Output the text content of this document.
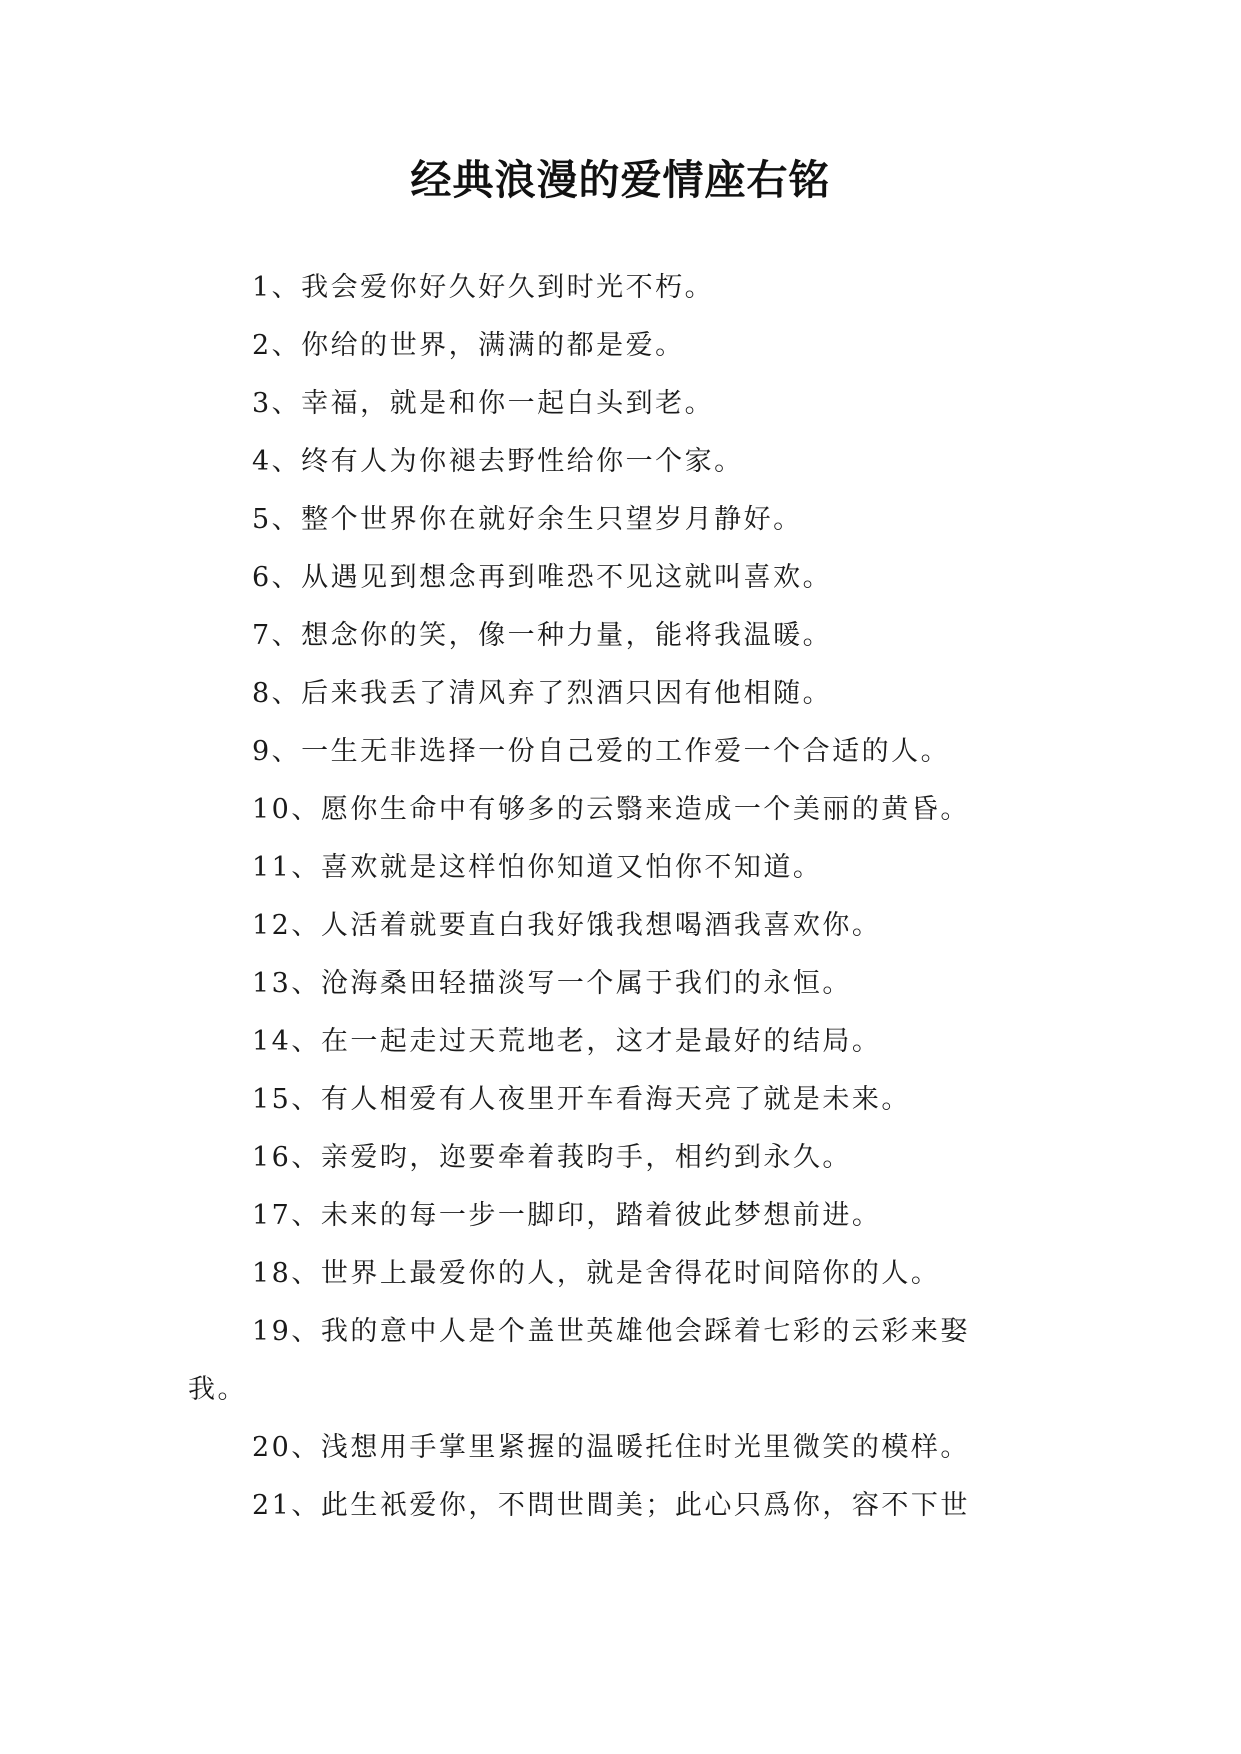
经典浪漫的爱情座右铭
1、我会爱你好久好久到时光不朽。
2、你给的世界，满满的都是爱。
3、幸福，就是和你一起白头到老。
4、终有人为你褪去野性给你一个家。
5、整个世界你在就好余生只望岁月静好。
6、从遇见到想念再到唯恐不见这就叫喜欢。
7、想念你的笑，像一种力量，能将我温暖。
8、后来我丢了清风弃了烈酒只因有他相随。
9、一生无非选择一份自己爱的工作爱一个合适的人。
10、愿你生命中有够多的云翳来造成一个美丽的黄昏。
11、喜欢就是这样怕你知道又怕你不知道。
12、人活着就要直白我好饿我想喝酒我喜欢你。
13、沧海桑田轻描淡写一个属于我们的永恒。
14、在一起走过天荒地老，这才是最好的结局。
15、有人相爱有人夜里开车看海天亮了就是未来。
16、亲爱昀，迩要牵着莪昀手，相约到永久。
17、未来的每一步一脚印，踏着彼此梦想前进。
18、世界上最爱你的人，就是舍得花时间陪你的人。
19、我的意中人是个盖世英雄他会踩着七彩的云彩来娶
我。
20、浅想用手掌里紧握的温暖托住时光里微笑的模样。
21、此生祇爱你，不問世間美；此心只爲你，容不下世
